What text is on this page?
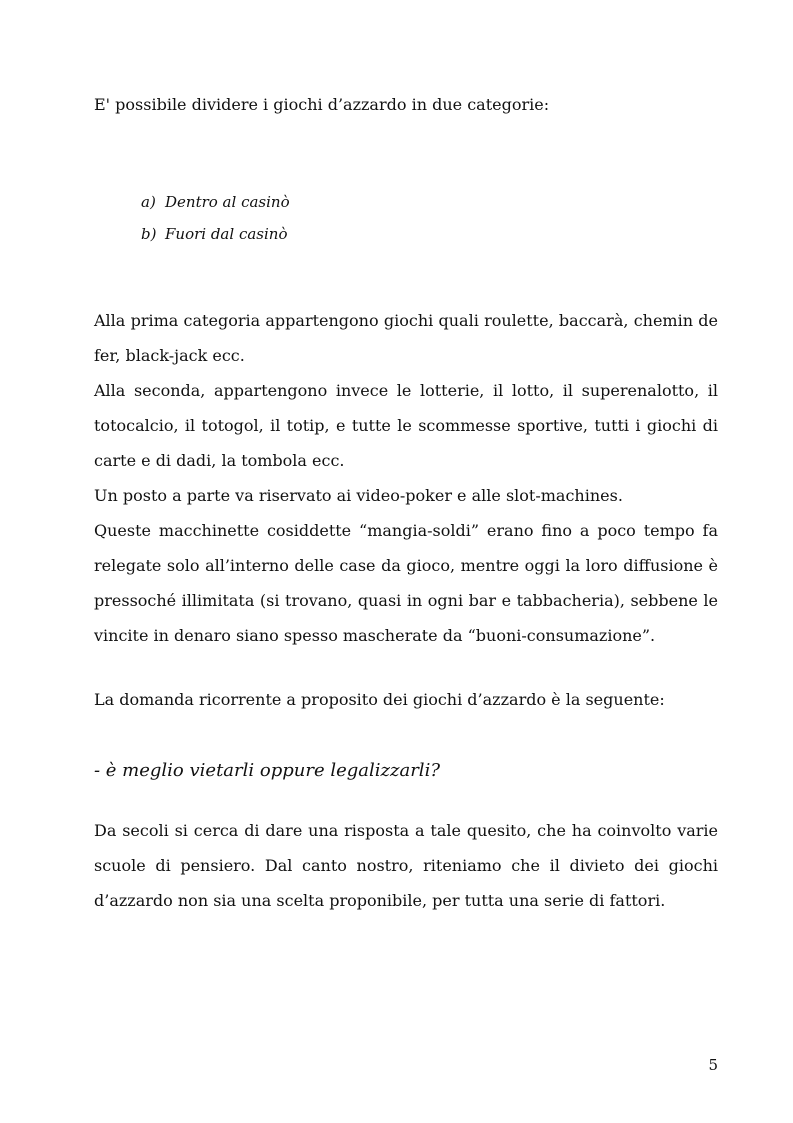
E' possibile dividere i giochi d’azzardo in due categorie:

a) Dentro al casinò
b) Fuori dal casinò
Alla prima categoria appartengono giochi quali roulette, baccarà, chemin de fer, black-jack ecc.
Alla seconda, appartengono invece le lotterie, il lotto, il superenalotto, il totocalcio, il totogol, il totip, e tutte le scommesse sportive, tutti i giochi di carte e di dadi, la tombola ecc.
Un posto a parte va riservato ai video-poker e alle slot-machines.
Queste macchinette cosiddette “mangia-soldi” erano fino a poco tempo fa relegate solo all’interno delle case da gioco, mentre oggi la loro diffusione è pressoché illimitata (si trovano, quasi in ogni bar e tabbacheria), sebbene le vincite in denaro siano spesso mascherate da “buoni-consumazione”.

La domanda ricorrente a proposito dei giochi d’azzardo è la seguente:

- è meglio vietarli oppure legalizzarli?

Da secoli si cerca di dare una risposta a tale quesito, che ha coinvolto varie scuole di pensiero. Dal canto nostro, riteniamo che il divieto dei giochi d’azzardo non sia una scelta proponibile, per tutta una serie di fattori.

5
